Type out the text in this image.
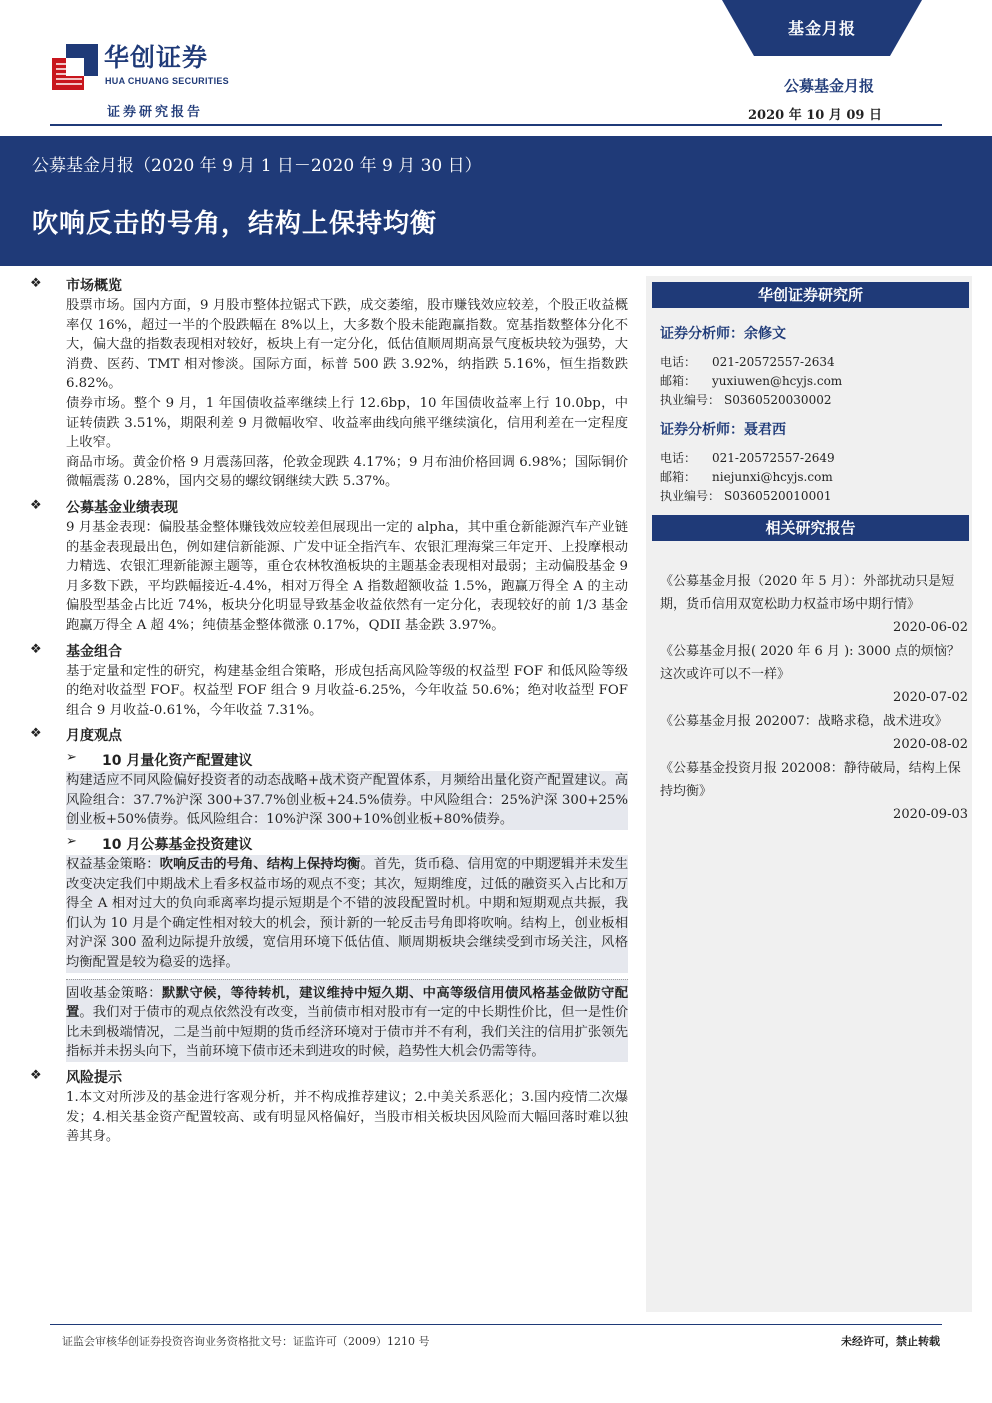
华创证券
HUA CHUANG SECURITIES
证券研究报告
基金月报
公募基金月报
2020 年 10 月 09 日
公募基金月报（2020 年 9 月 1 日－2020 年 9 月 30 日）
吹响反击的号角，结构上保持均衡
❖ 市场概览
股票市场。国内方面，9 月股市整体拉锯式下跌，成交萎缩，股市赚钱效应较差，个股正收益概率仅 16%，超过一半的个股跌幅在 8%以上，大多数个股未能跑赢指数。宽基指数整体分化不大，偏大盘的指数表现相对较好，板块上有一定分化，低估值顺周期高景气度板块较为强势，大消费、医药、TMT 相对惨淡。国际方面，标普 500 跌 3.92%，纳指跌 5.16%，恒生指数跌 6.82%。
债券市场。整个 9 月，1 年国债收益率继续上行 12.6bp，10 年国债收益率上行 10.0bp，中证转债跌 3.51%，期限利差 9 月微幅收窄、收益率曲线向熊平继续演化，信用利差在一定程度上收窄。
商品市场。黄金价格 9 月震荡回落，伦敦金现跌 4.17%；9 月布油价格回调 6.98%；国际铜价微幅震荡 0.28%，国内交易的螺纹钢继续大跌 5.37%。
❖ 公募基金业绩表现
9 月基金表现：偏股基金整体赚钱效应较差但展现出一定的 alpha，其中重仓新能源汽车产业链的基金表现最出色，例如建信新能源、广发中证全指汽车、农银汇理海棠三年定开、上投摩根动力精选、农银汇理新能源主题等，重仓农林牧渔板块的主题基金表现相对最弱；主动偏股基金 9 月多数下跌，平均跌幅接近-4.4%，相对万得全 A 指数超额收益 1.5%，跑赢万得全 A 的主动偏股型基金占比近 74%，板块分化明显导致基金收益依然有一定分化，表现较好的前 1/3 基金跑赢万得全 A 超 4%；纯债基金整体微涨 0.17%，QDII 基金跌 3.97%。
❖ 基金组合
基于定量和定性的研究，构建基金组合策略，形成包括高风险等级的权益型 FOF 和低风险等级的绝对收益型 FOF。权益型 FOF 组合 9 月收益-6.25%，今年收益 50.6%；绝对收益型 FOF 组合 9 月收益-0.61%，今年收益 7.31%。
❖ 月度观点
➢ 10 月量化资产配置建议
构建适应不同风险偏好投资者的动态战略+战术资产配置体系，月频给出量化资产配置建议。高风险组合：37.7%沪深 300+37.7%创业板+24.5%债券。中风险组合：25%沪深 300+25%创业板+50%债券。低风险组合：10%沪深 300+10%创业板+80%债券。
➢ 10 月公募基金投资建议
权益基金策略：吹响反击的号角、结构上保持均衡。首先，货币稳、信用宽的中期逻辑并未发生改变决定我们中期战术上看多权益市场的观点不变；其次，短期维度，过低的融资买入占比和万得全 A 相对过大的负向乖离率均提示短期是个不错的波段配置时机。中期和短期观点共振，我们认为 10 月是个确定性相对较大的机会，预计新的一轮反击号角即将吹响。结构上，创业板相对沪深 300 盈利边际提升放缓，宽信用环境下低估值、顺周期板块会继续受到市场关注，风格均衡配置是较为稳妥的选择。
固收基金策略：默默守候，等待转机，建议维持中短久期、中高等级信用债风格基金做防守配置。我们对于债市的观点依然没有改变，当前债市相对股市有一定的中长期性价比，但一是性价比未到极端情况，二是当前中短期的货币经济环境对于债市并不有利，我们关注的信用扩张领先指标并未拐头向下，当前环境下债市还未到进攻的时候，趋势性大机会仍需等待。
❖ 风险提示
1.本文对所涉及的基金进行客观分析，并不构成推荐建议；2.中美关系恶化；3.国内疫情二次爆发；4.相关基金资产配置较高、或有明显风格偏好，当股市相关板块因风险而大幅回落时难以独善其身。
华创证券研究所
证券分析师：余修文
电话： 021-20572557-2634
邮箱： yuxiuwen@hcyjs.com
执业编号： S0360520030002
证券分析师：聂君西
电话： 021-20572557-2649
邮箱： niejunxi@hcyjs.com
执业编号： S0360520010001
相关研究报告
《公募基金月报（2020 年 5 月）：外部扰动只是短期，货币信用双宽松助力权益市场中期行情》
2020-06-02
《公募基金月报( 2020 年 6 月 ): 3000 点的烦恼？这次或许可以不一样》
2020-07-02
《公募基金月报 202007：战略求稳，战术进攻》
2020-08-02
《公募基金投资月报 202008：静待破局，结构上保持均衡》
2020-09-03
证监会审核华创证券投资咨询业务资格批文号：证监许可（2009）1210 号	未经许可，禁止转载
